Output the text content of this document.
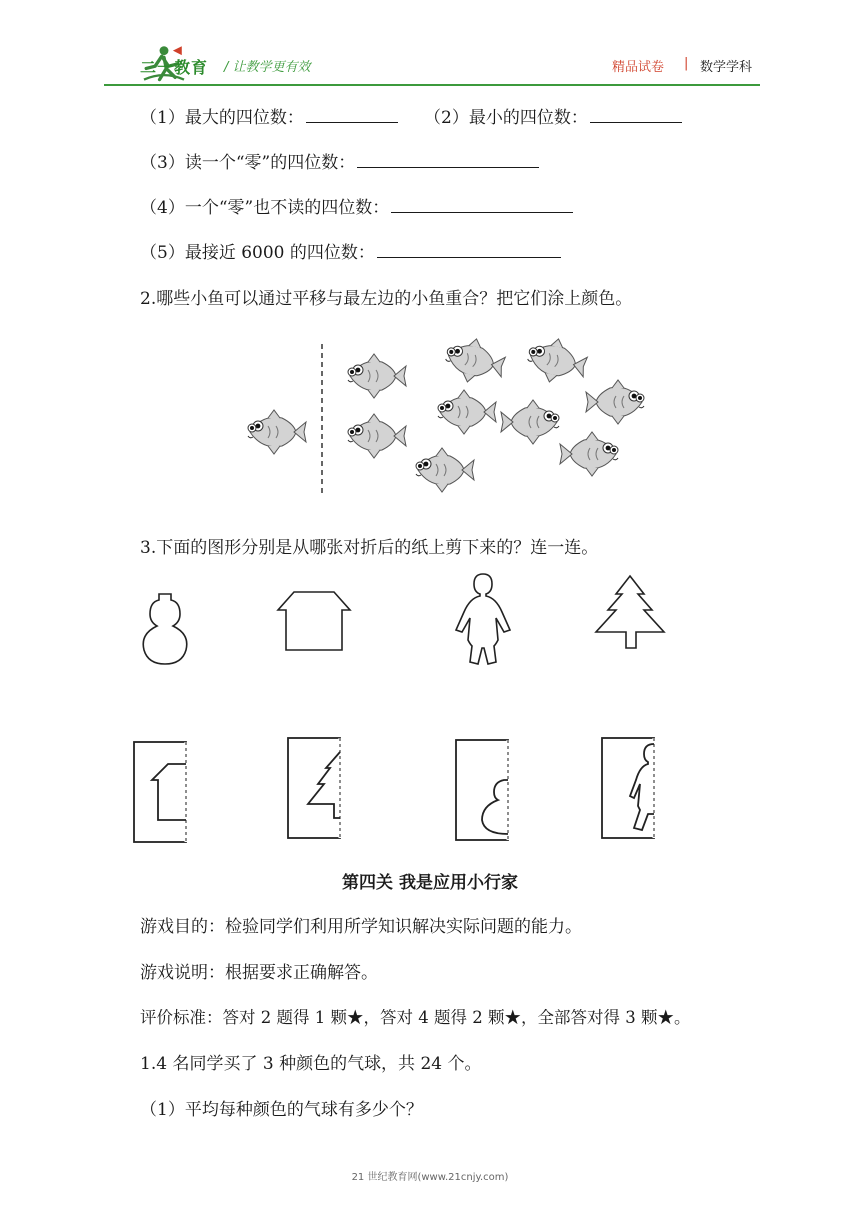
二一教育 / 让教学更有效	精品试卷 | 数学学科
（1）最大的四位数：	（2）最小的四位数：
（3）读一个“零”的四位数：
（4）一个“零”也不读的四位数：
（5）最接近 6000 的四位数：
2.哪些小鱼可以通过平移与最左边的小鱼重合？把它们涂上颜色。
3.下面的图形分别是从哪张对折后的纸上剪下来的？连一连。
第四关 我是应用小行家
游戏目的：检验同学们利用所学知识解决实际问题的能力。
游戏说明：根据要求正确解答。
评价标准：答对 2 题得 1 颗★，答对 4 题得 2 颗★，全部答对得 3 颗★。
1.4 名同学买了 3 种颜色的气球，共 24 个。
（1）平均每种颜色的气球有多少个？
21 世纪教育网(www.21cnjy.com)
